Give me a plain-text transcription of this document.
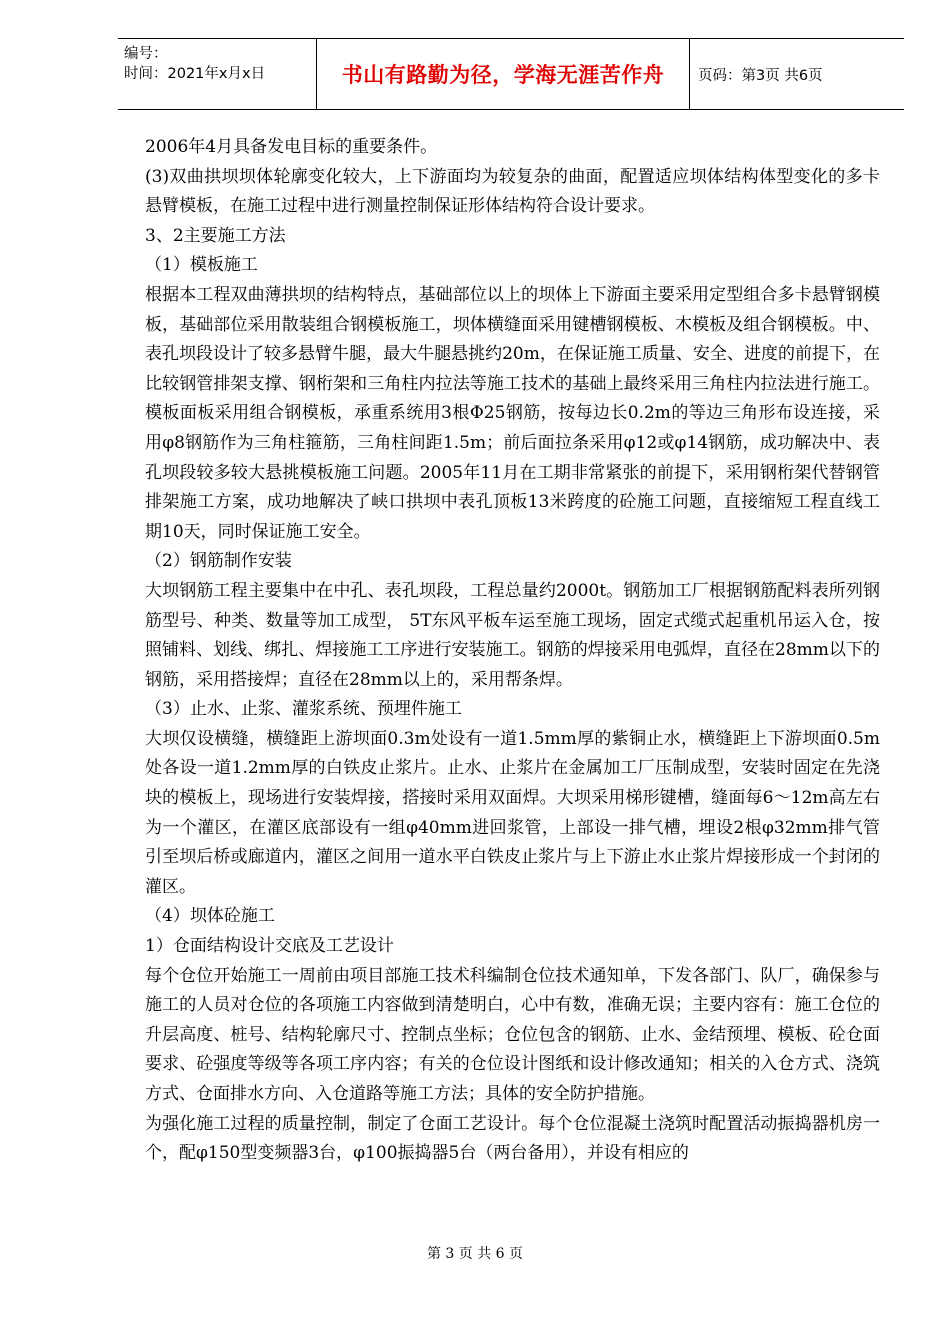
编号：
时间：2021年x月x日	书山有路勤为径，学海无涯苦作舟	页码：第3页 共6页

2006年4月具备发电目标的重要条件。

(3)双曲拱坝坝体轮廓变化较大，上下游面均为较复杂的曲面，配置适应坝体结构体型变化的多卡悬臂模板，在施工过程中进行测量控制保证形体结构符合设计要求。

3、2主要施工方法

（1）模板施工

根据本工程双曲薄拱坝的结构特点，基础部位以上的坝体上下游面主要采用定型组合多卡悬臂钢模板，基础部位采用散装组合钢模板施工，坝体横缝面采用键槽钢模板、木模板及组合钢模板。中、表孔坝段设计了较多悬臂牛腿，最大牛腿悬挑约20m，在保证施工质量、安全、进度的前提下，在比较钢管排架支撑、钢桁架和三角柱内拉法等施工技术的基础上最终采用三角柱内拉法进行施工。模板面板采用组合钢模板，承重系统用3根Φ25钢筋，按每边长0.2m的等边三角形布设连接，采用φ8钢筋作为三角柱箍筋，三角柱间距1.5m；前后面拉条采用φ12或φ14钢筋，成功解决中、表孔坝段较多较大悬挑模板施工问题。2005年11月在工期非常紧张的前提下，采用钢桁架代替钢管排架施工方案，成功地解决了峡口拱坝中表孔顶板13米跨度的砼施工问题，直接缩短工程直线工期10天，同时保证施工安全。

（2）钢筋制作安装

大坝钢筋工程主要集中在中孔、表孔坝段，工程总量约2000t。钢筋加工厂根据钢筋配料表所列钢筋型号、种类、数量等加工成型， 5T东风平板车运至施工现场，固定式缆式起重机吊运入仓，按照铺料、划线、绑扎、焊接施工工序进行安装施工。钢筋的焊接采用电弧焊，直径在28mm以下的钢筋，采用搭接焊；直径在28mm以上的，采用帮条焊。

（3）止水、止浆、灌浆系统、预埋件施工

大坝仅设横缝，横缝距上游坝面0.3m处设有一道1.5mm厚的紫铜止水，横缝距上下游坝面0.5m处各设一道1.2mm厚的白铁皮止浆片。止水、止浆片在金属加工厂压制成型，安装时固定在先浇块的模板上，现场进行安装焊接，搭接时采用双面焊。大坝采用梯形键槽，缝面每6～12m高左右为一个灌区，在灌区底部设有一组φ40mm进回浆管，上部设一排气槽，埋设2根φ32mm排气管引至坝后桥或廊道内，灌区之间用一道水平白铁皮止浆片与上下游止水止浆片焊接形成一个封闭的灌区。

（4）坝体砼施工

1）仓面结构设计交底及工艺设计

每个仓位开始施工一周前由项目部施工技术科编制仓位技术通知单，下发各部门、队厂，确保参与施工的人员对仓位的各项施工内容做到清楚明白，心中有数，准确无误；主要内容有：施工仓位的升层高度、桩号、结构轮廓尺寸、控制点坐标；仓位包含的钢筋、止水、金结预埋、模板、砼仓面要求、砼强度等级等各项工序内容；有关的仓位设计图纸和设计修改通知；相关的入仓方式、浇筑方式、仓面排水方向、入仓道路等施工方法；具体的安全防护措施。

为强化施工过程的质量控制，制定了仓面工艺设计。每个仓位混凝土浇筑时配置活动振捣器机房一个，配φ150型变频器3台，φ100振捣器5台（两台备用），并设有相应的

第 3 页 共 6 页
